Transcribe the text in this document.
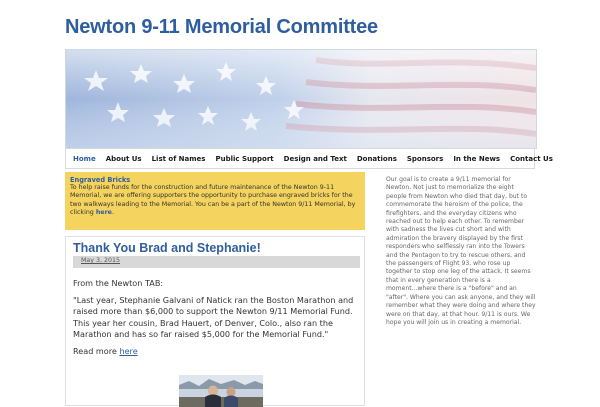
Newton 9-11 Memorial Committee
Home About Us List of Names Public Support Design and Text Donations Sponsors In the News Contact Us
Engraved Bricks
To help raise funds for the construction and future maintenance of the Newton 9-11 Memorial, we are offering supporters the opportunity to purchase engraved bricks for the two walkways leading to the Memorial. You can be a part of the Newton 9/11 Memorial, by clicking here.
Thank You Brad and Stephanie!
May 3, 2015

From the Newton TAB:

"Last year, Stephanie Galvani of Natick ran the Boston Marathon and raised more than $6,000 to support the Newton 9/11 Memorial Fund. This year her cousin, Brad Hauert, of Denver, Colo., also ran the Marathon and has so far raised $5,000 for the Memorial Fund."

Read more here
Our goal is to create a 9/11 memorial for Newton. Not just to memorialize the eight people from Newton who died that day, but to commemorate the heroism of the police, the firefighters, and the everyday citizens who reached out to help each other. To remember with sadness the lives cut short and with admiration the bravery displayed by the first responders who selflessly ran into the Towers and the Pentagon to try to rescue others, and the passengers of Flight 93, who rose up together to stop one leg of the attack. It seems that in every generation there is a moment...where there is a "before" and an "after". Where you can ask anyone, and they will remember what they were doing and where they were on that day, at that hour. 9/11 is ours. We hope you will join us in creating a memorial.
